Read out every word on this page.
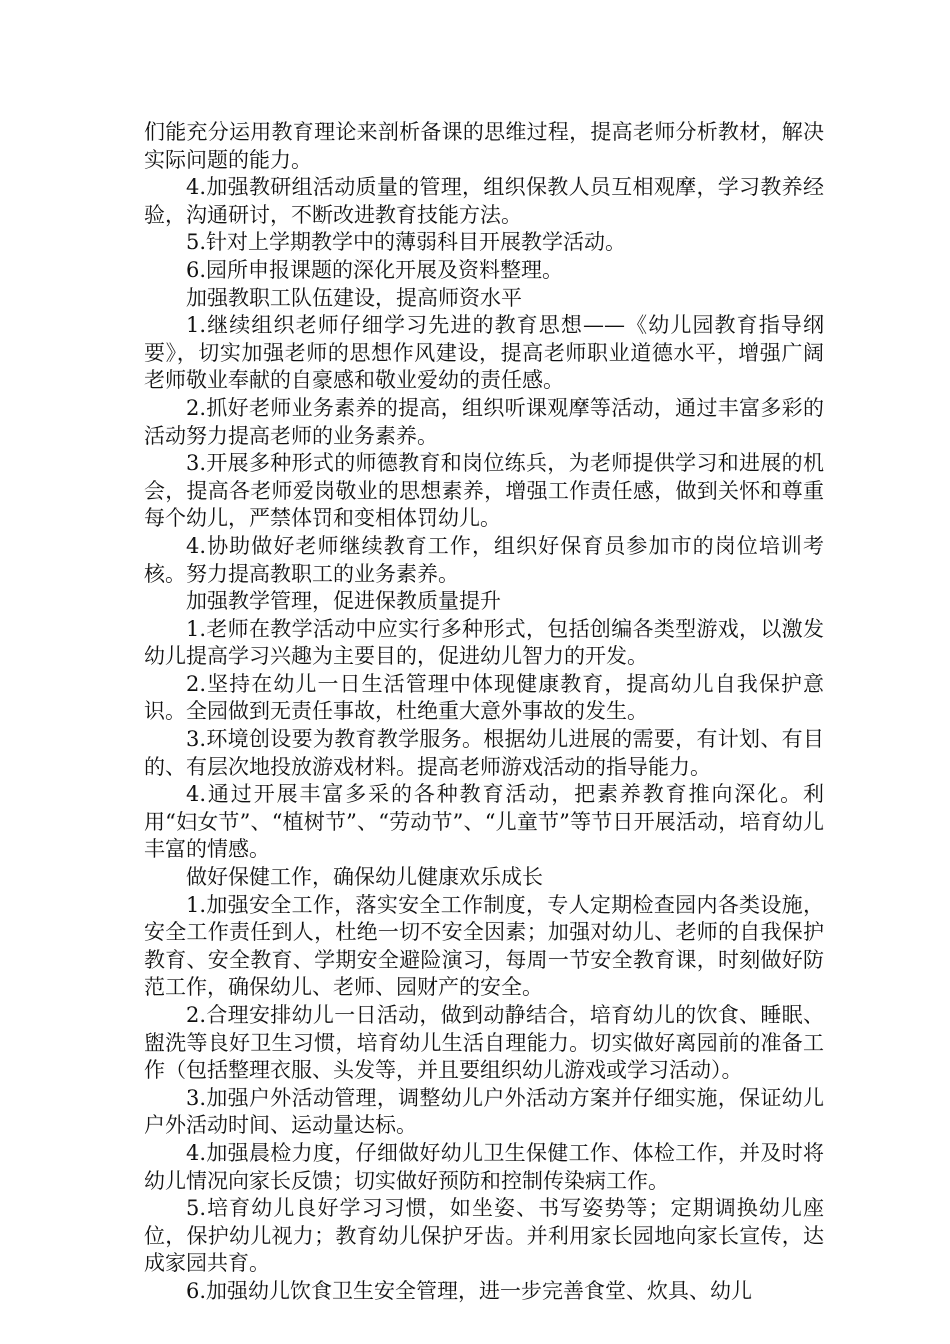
们能充分运用教育理论来剖析备课的思维过程，提高老师分析教材，解决实际问题的能力。

4.加强教研组活动质量的管理，组织保教人员互相观摩，学习教养经验，沟通研讨，不断改进教育技能方法。

5.针对上学期教学中的薄弱科目开展教学活动。

6.园所申报课题的深化开展及资料整理。

加强教职工队伍建设，提高师资水平

1.继续组织老师仔细学习先进的教育思想——《幼儿园教育指导纲要》，切实加强老师的思想作风建设，提高老师职业道德水平，增强广阔老师敬业奉献的自豪感和敬业爱幼的责任感。

2.抓好老师业务素养的提高，组织听课观摩等活动，通过丰富多彩的活动努力提高老师的业务素养。

3.开展多种形式的师德教育和岗位练兵，为老师提供学习和进展的机会，提高各老师爱岗敬业的思想素养，增强工作责任感，做到关怀和尊重每个幼儿，严禁体罚和变相体罚幼儿。

4.协助做好老师继续教育工作，组织好保育员参加市的岗位培训考核。努力提高教职工的业务素养。

加强教学管理，促进保教质量提升

1.老师在教学活动中应实行多种形式，包括创编各类型游戏，以激发幼儿提高学习兴趣为主要目的，促进幼儿智力的开发。

2.坚持在幼儿一日生活管理中体现健康教育，提高幼儿自我保护意识。全园做到无责任事故，杜绝重大意外事故的发生。

3.环境创设要为教育教学服务。根据幼儿进展的需要，有计划、有目的、有层次地投放游戏材料。提高老师游戏活动的指导能力。

4.通过开展丰富多采的各种教育活动，把素养教育推向深化。利用“妇女节”、“植树节”、“劳动节”、“儿童节”等节日开展活动，培育幼儿丰富的情感。

做好保健工作，确保幼儿健康欢乐成长

1.加强安全工作，落实安全工作制度，专人定期检查园内各类设施，安全工作责任到人，杜绝一切不安全因素；加强对幼儿、老师的自我保护教育、安全教育、学期安全避险演习，每周一节安全教育课，时刻做好防范工作，确保幼儿、老师、园财产的安全。

2.合理安排幼儿一日活动，做到动静结合，培育幼儿的饮食、睡眠、盥洗等良好卫生习惯，培育幼儿生活自理能力。切实做好离园前的准备工作（包括整理衣服、头发等，并且要组织幼儿游戏或学习活动）。

3.加强户外活动管理，调整幼儿户外活动方案并仔细实施，保证幼儿户外活动时间、运动量达标。

4.加强晨检力度，仔细做好幼儿卫生保健工作、体检工作，并及时将幼儿情况向家长反馈；切实做好预防和控制传染病工作。

5.培育幼儿良好学习习惯，如坐姿、书写姿势等；定期调换幼儿座位，保护幼儿视力；教育幼儿保护牙齿。并利用家长园地向家长宣传，达成家园共育。

6.加强幼儿饮食卫生安全管理，进一步完善食堂、炊具、幼儿
